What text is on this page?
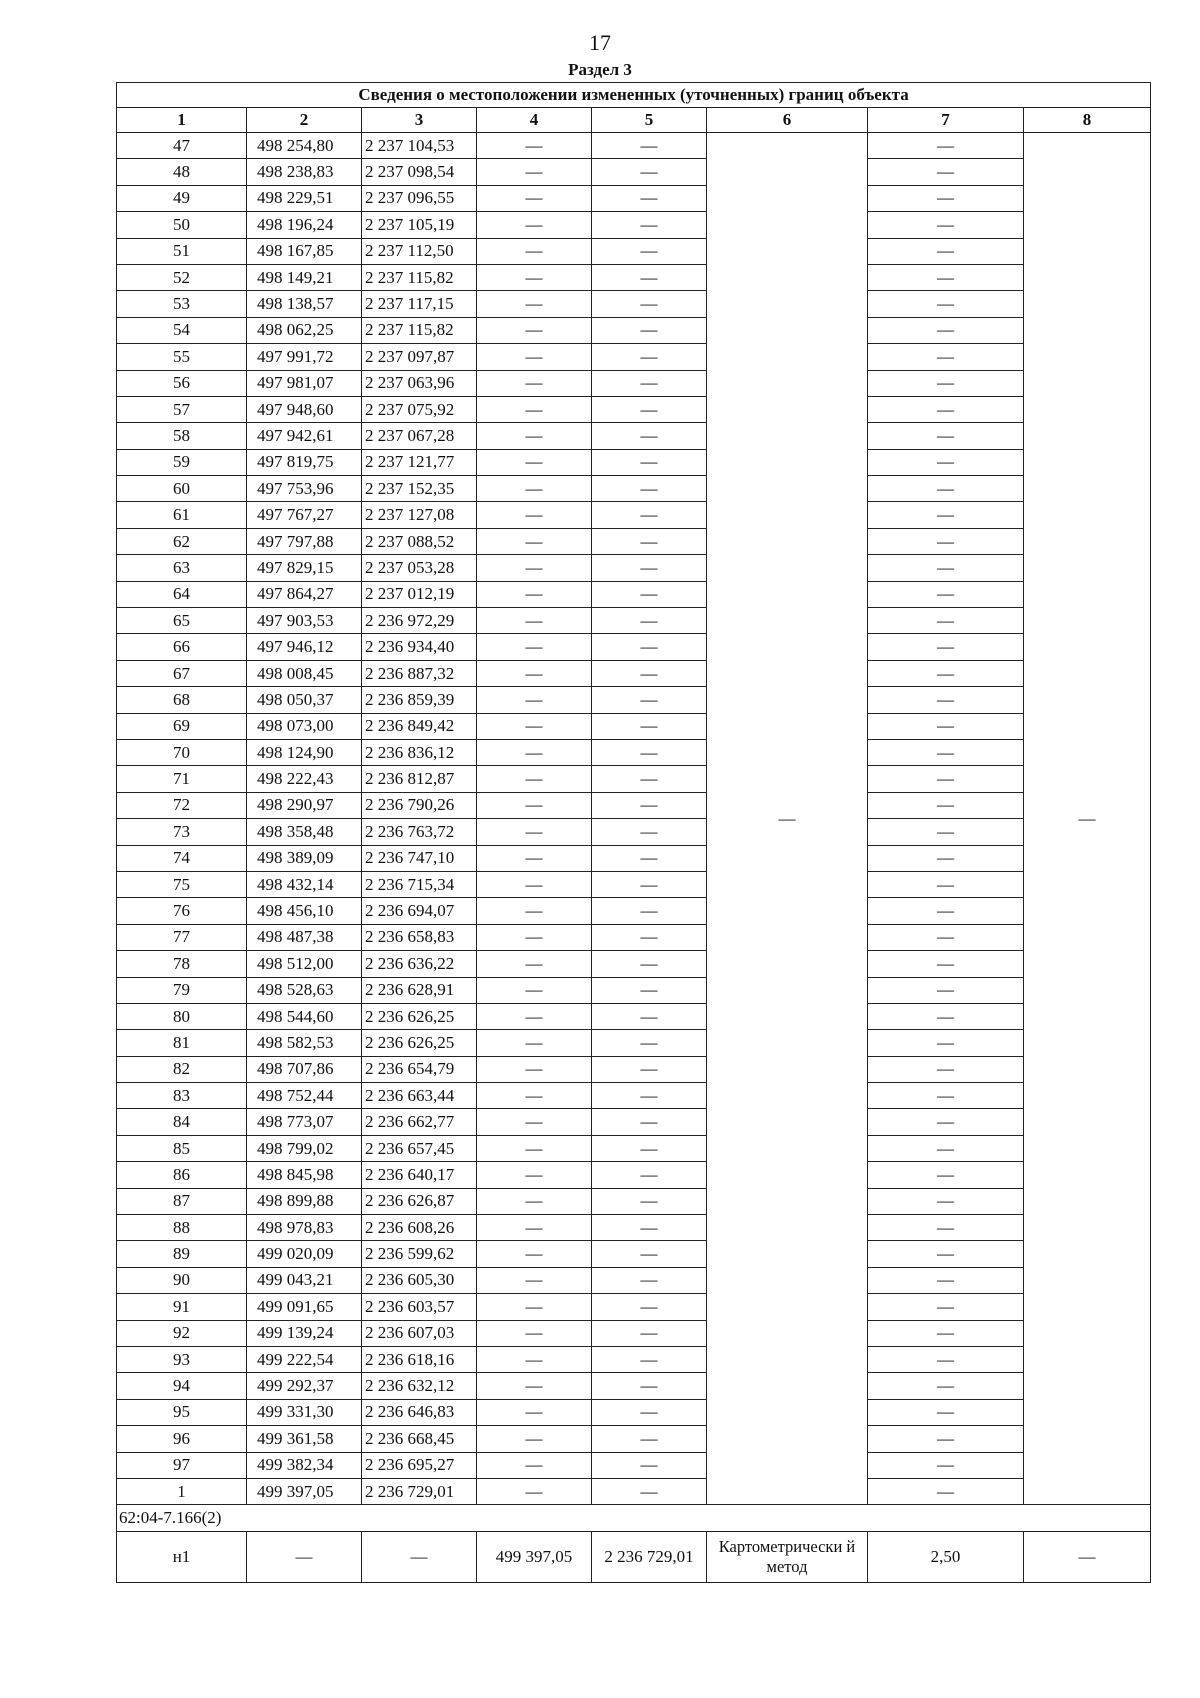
17
Раздел 3
Сведения о местоположении измененных (уточненных) границ объекта							
1	2	3	4	5	6	7	8
47	498 254,80	2 237 104,53	—	—	—	—	—
48	498 238,83	2 237 098,54	—	—		—	
49	498 229,51	2 237 096,55	—	—		—	
50	498 196,24	2 237 105,19	—	—		—	
51	498 167,85	2 237 112,50	—	—		—	
52	498 149,21	2 237 115,82	—	—		—	
53	498 138,57	2 237 117,15	—	—		—	
54	498 062,25	2 237 115,82	—	—		—	
55	497 991,72	2 237 097,87	—	—		—	
56	497 981,07	2 237 063,96	—	—		—	
57	497 948,60	2 237 075,92	—	—		—	
58	497 942,61	2 237 067,28	—	—		—	
59	497 819,75	2 237 121,77	—	—		—	
60	497 753,96	2 237 152,35	—	—		—	
61	497 767,27	2 237 127,08	—	—		—	
62	497 797,88	2 237 088,52	—	—		—	
63	497 829,15	2 237 053,28	—	—		—	
64	497 864,27	2 237 012,19	—	—		—	
65	497 903,53	2 236 972,29	—	—		—	
66	497 946,12	2 236 934,40	—	—		—	
67	498 008,45	2 236 887,32	—	—		—	
68	498 050,37	2 236 859,39	—	—		—	
69	498 073,00	2 236 849,42	—	—		—	
70	498 124,90	2 236 836,12	—	—		—	
71	498 222,43	2 236 812,87	—	—		—	
72	498 290,97	2 236 790,26	—	—		—	
73	498 358,48	2 236 763,72	—	—		—	
74	498 389,09	2 236 747,10	—	—		—	
75	498 432,14	2 236 715,34	—	—		—	
76	498 456,10	2 236 694,07	—	—		—	
77	498 487,38	2 236 658,83	—	—		—	
78	498 512,00	2 236 636,22	—	—		—	
79	498 528,63	2 236 628,91	—	—		—	
80	498 544,60	2 236 626,25	—	—		—	
81	498 582,53	2 236 626,25	—	—		—	
82	498 707,86	2 236 654,79	—	—		—	
83	498 752,44	2 236 663,44	—	—		—	
84	498 773,07	2 236 662,77	—	—		—	
85	498 799,02	2 236 657,45	—	—		—	
86	498 845,98	2 236 640,17	—	—		—	
87	498 899,88	2 236 626,87	—	—		—	
88	498 978,83	2 236 608,26	—	—		—	
89	499 020,09	2 236 599,62	—	—		—	
90	499 043,21	2 236 605,30	—	—		—	
91	499 091,65	2 236 603,57	—	—		—	
92	499 139,24	2 236 607,03	—	—		—	
93	499 222,54	2 236 618,16	—	—		—	
94	499 292,37	2 236 632,12	—	—		—	
95	499 331,30	2 236 646,83	—	—		—	
96	499 361,58	2 236 668,45	—	—		—	
97	499 382,34	2 236 695,27	—	—		—	
1	499 397,05	2 236 729,01	—	—		—	
62:04-7.166(2)							
н1	—	—	499 397,05	2 236 729,01	Картометрически й метод	2,50	—
